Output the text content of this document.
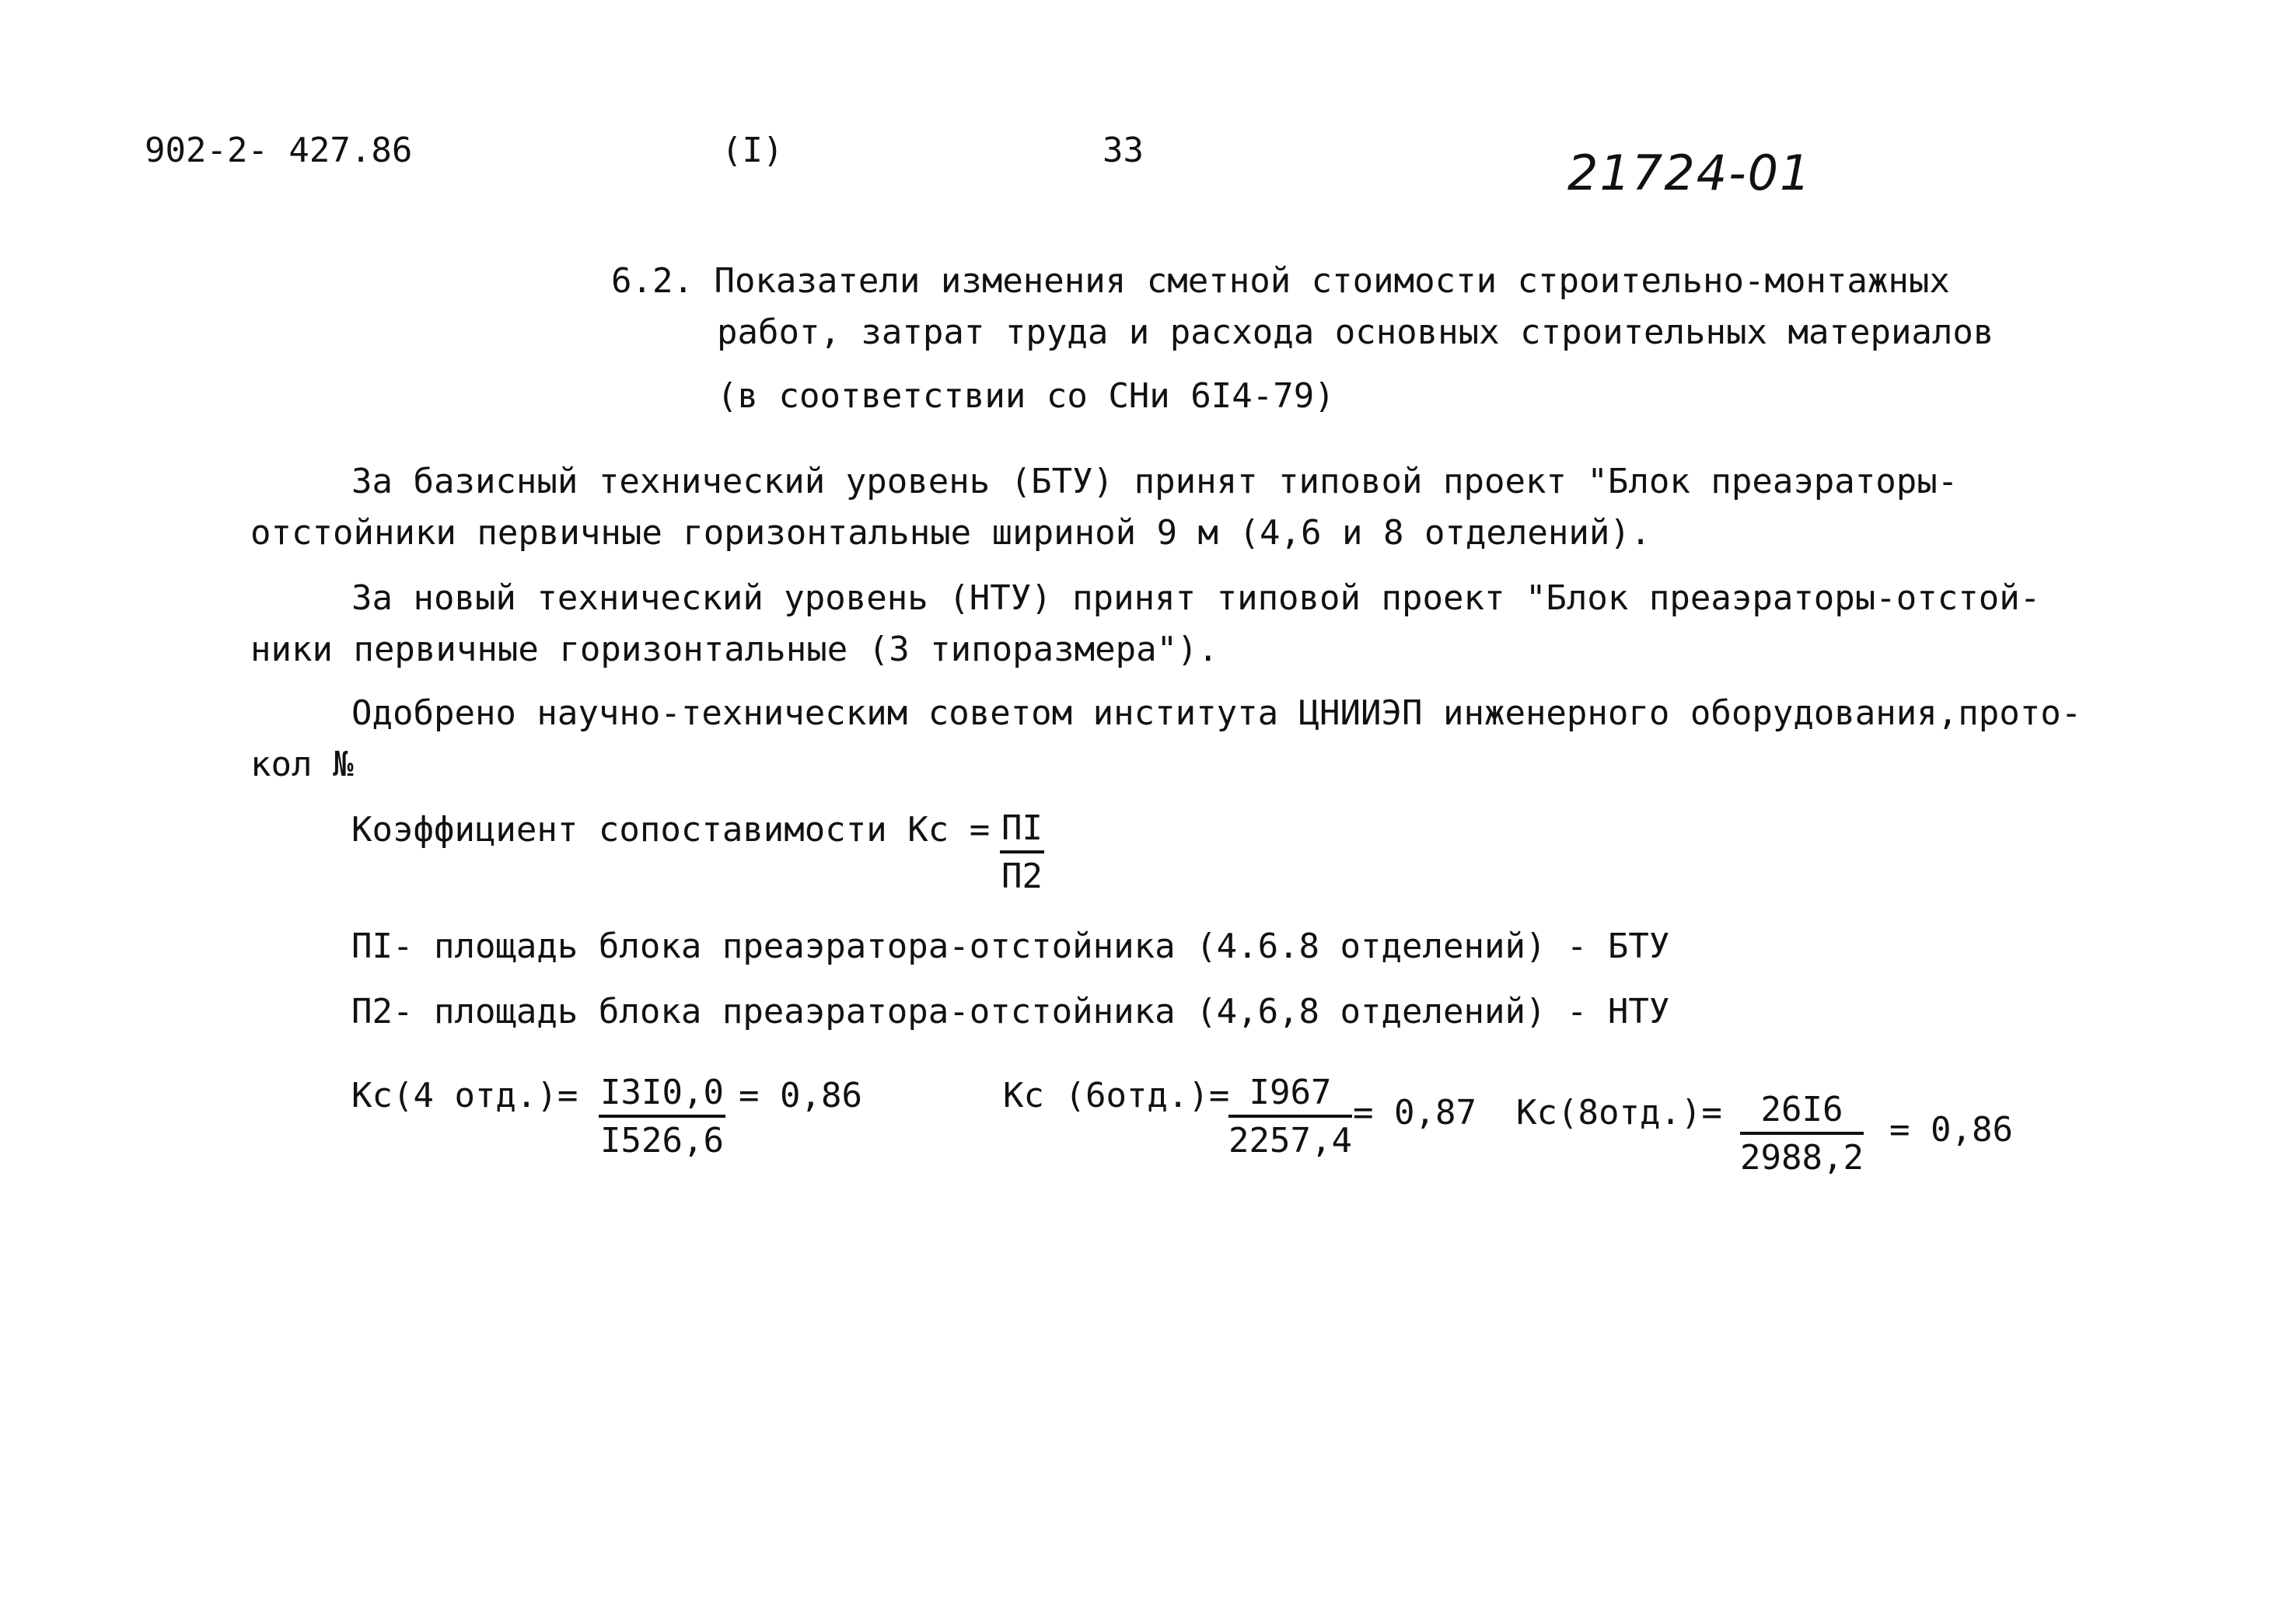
902-2- 427.86	(I)	33	21724-01
6.2. Показатели изменения сметной стоимости строительно-монтажных
работ, затрат труда и расхода основных строительных материалов
(в соответствии со СНи 6I4-79)
За базисный технический уровень (БТУ) принят типовой проект "Блок преаэраторы-
отстойники первичные горизонтальные шириной 9 м (4,6 и 8 отделений).
За новый технический уровень (НТУ) принят типовой проект "Блок преаэраторы-отстой-
ники первичные горизонтальные (3 типоразмера").
Одобрено научно-техническим советом института ЦНИИЭП инженерного оборудования,прото-
кол №
Коэффициент сопоставимости Кс = ПI
П2
ПI- площадь блока преаэратора-отстойника (4.6.8 отделений) - БТУ
П2- площадь блока преаэратора-отстойника (4,6,8 отделений) - НТУ
Кс(4 $отд.)= \frac{I3I0,0}{I526,6} = 0,86$	Кс (6отд.)=
$\frac{I967}{2257,4} = 0,87$ $Кс(8отд.)= \frac{26I6}{2988,2} = 0,86$
